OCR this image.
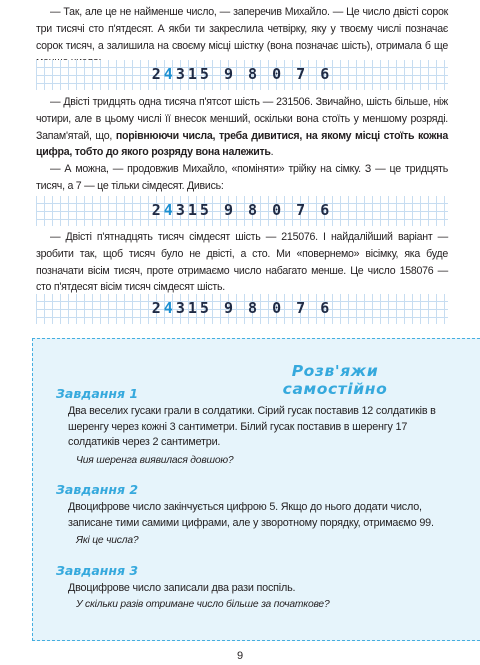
— Так, але це не найменше число, — заперечив Михайло. — Це число двісті сорок три тисячі сто п'ятдесят. А якби ти закреслила четвірку, яку у твоєму числі позначає сорок тисяч, а залишила на своєму місці шістку (вона позначає шість), отримала б ще

24315 9 8 0 7 6

— Двісті тридцять одна тисяча п'ятсот шість — 231506. Звичайно, шість більше, ніж чотири, але в цьому числі її внесок менший, оскільки вона стоїть у меншому розряді. Запам'ятай, що, порівнюючи числа, треба дивитися, на якому місці стоїть кожна цифра, тобто до якого розряду вона належить.

— А можна, — продовжив Михайло, «поміняти» трійку на сімку. З — це тридцять тисяч, а 7 — це тільки сімдесят. Дивись:

24315 9 8 0 7 6

— Двісті п'ятнадцять тисяч сімдесят шість — 215076. І найдалійший варіант — зробити так, щоб тисяч було не двісті, а сто. Ми «повернемо» вісімку, яка буде позначати вісім тисяч, проте отримаємо число набагато менше. Це число 158076 — сто п'ятдесят вісім тисяч сімдесят шість.

24315 9 8 0 7 6

Розв'яжи самостійно

Завдання 1

Два веселих гусаки грали в солдатики. Сірий гусак поставив 12 солдатиків в шеренгу через кожні 3 сантиметри. Білий гусак поставив в шеренгу 17 солдатиків через 2 сантиметри.

Чия шеренга виявилася довшою?

Завдання 2

Двоцифрове число закінчується цифрою 5. Якщо до нього додати число, записане тими самими цифрами, але у зворотному порядку, отримаємо 99.

Які це числа?

Завдання 3

Двоцифрове число записали два рази поспіль.

У скільки разів отримане число більше за початкове?

9
